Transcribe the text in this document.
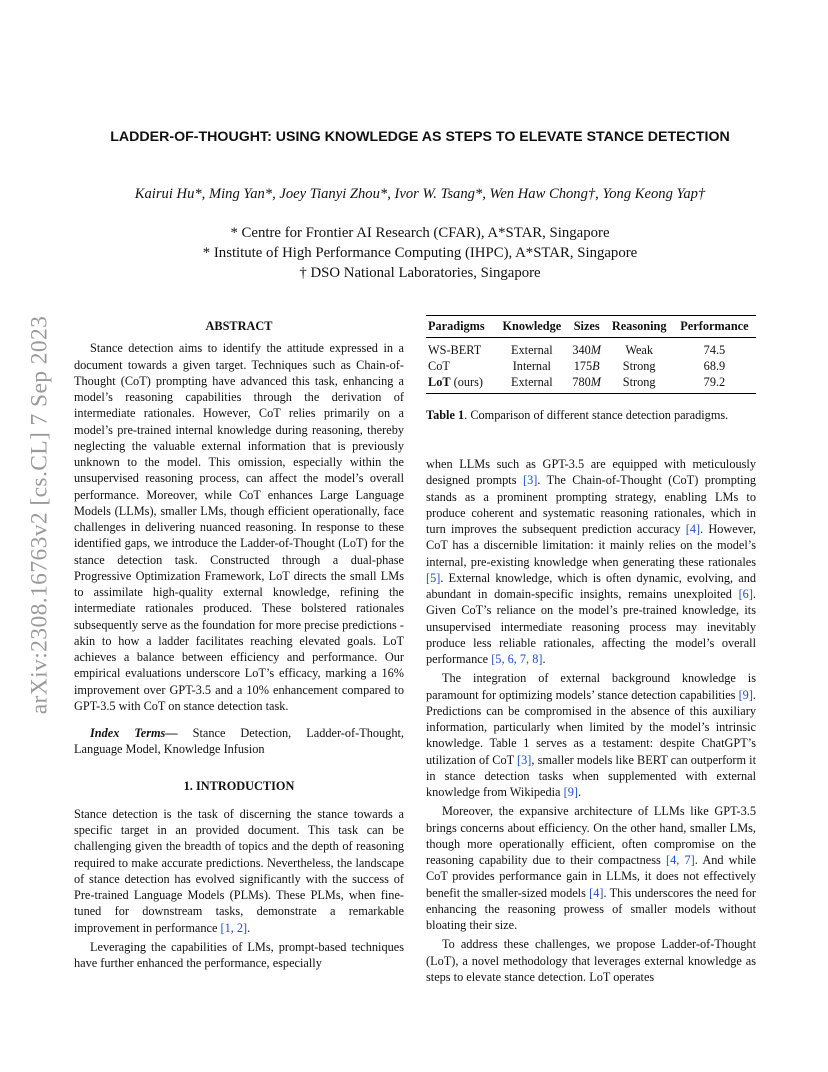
arXiv:2308.16763v2 [cs.CL] 7 Sep 2023
LADDER-OF-THOUGHT: USING KNOWLEDGE AS STEPS TO ELEVATE STANCE DETECTION
Kairui Hu*, Ming Yan*, Joey Tianyi Zhou*, Ivor W. Tsang*, Wen Haw Chong†, Yong Keong Yap†
* Centre for Frontier AI Research (CFAR), A*STAR, Singapore
* Institute of High Performance Computing (IHPC), A*STAR, Singapore
† DSO National Laboratories, Singapore
ABSTRACT

Stance detection aims to identify the attitude expressed in a document towards a given target. Techniques such as Chain-of-Thought (CoT) prompting have advanced this task, enhancing a model’s reasoning capabilities through the derivation of intermediate rationales. However, CoT relies primarily on a model’s pre-trained internal knowledge during reasoning, thereby neglecting the valuable external information that is previously unknown to the model. This omission, especially within the unsupervised reasoning process, can affect the model’s overall performance. Moreover, while CoT enhances Large Language Models (LLMs), smaller LMs, though efficient operationally, face challenges in delivering nuanced reasoning. In response to these identified gaps, we introduce the Ladder-of-Thought (LoT) for the stance detection task. Constructed through a dual-phase Progressive Optimization Framework, LoT directs the small LMs to assimilate high-quality external knowledge, refining the intermediate rationales produced. These bolstered rationales subsequently serve as the foundation for more precise predictions - akin to how a ladder facilitates reaching elevated goals. LoT achieves a balance between efficiency and performance. Our empirical evaluations underscore LoT’s efficacy, marking a 16% improvement over GPT-3.5 and a 10% enhancement compared to GPT-3.5 with CoT on stance detection task.

Index Terms— Stance Detection, Ladder-of-Thought, Language Model, Knowledge Infusion

1. INTRODUCTION

Stance detection is the task of discerning the stance towards a specific target in an provided document. This task can be challenging given the breadth of topics and the depth of reasoning required to make accurate predictions. Nevertheless, the landscape of stance detection has evolved significantly with the success of Pre-trained Language Models (PLMs). These PLMs, when fine-tuned for downstream tasks, demonstrate a remarkable improvement in performance [1, 2].

Leveraging the capabilities of LMs, prompt-based techniques have further enhanced the performance, especially

Paradigms	Knowledge	Sizes	Reasoning	Performance
WS-BERT	External	340M	Weak	74.5
CoT	Internal	175B	Strong	68.9
LoT (ours)	External	780M	Strong	79.2
Table 1. Comparison of different stance detection paradigms.

when LLMs such as GPT-3.5 are equipped with meticulously designed prompts [3]. The Chain-of-Thought (CoT) prompting stands as a prominent prompting strategy, enabling LMs to produce coherent and systematic reasoning rationales, which in turn improves the subsequent prediction accuracy [4]. However, CoT has a discernible limitation: it mainly relies on the model’s internal, pre-existing knowledge when generating these rationales [5]. External knowledge, which is often dynamic, evolving, and abundant in domain-specific insights, remains unexploited [6]. Given CoT’s reliance on the model’s pre-trained knowledge, its unsupervised intermediate reasoning process may inevitably produce less reliable rationales, affecting the model’s overall performance [5, 6, 7, 8].

The integration of external background knowledge is paramount for optimizing models’ stance detection capabilities [9]. Predictions can be compromised in the absence of this auxiliary information, particularly when limited by the model’s intrinsic knowledge. Table 1 serves as a testament: despite ChatGPT’s utilization of CoT [3], smaller models like BERT can outperform it in stance detection tasks when supplemented with external knowledge from Wikipedia [9].

Moreover, the expansive architecture of LLMs like GPT-3.5 brings concerns about efficiency. On the other hand, smaller LMs, though more operationally efficient, often compromise on the reasoning capability due to their compactness [4, 7]. And while CoT provides performance gain in LLMs, it does not effectively benefit the smaller-sized models [4]. This underscores the need for enhancing the reasoning prowess of smaller models without bloating their size.

To address these challenges, we propose Ladder-of-Thought (LoT), a novel methodology that leverages external knowledge as steps to elevate stance detection. LoT operates
